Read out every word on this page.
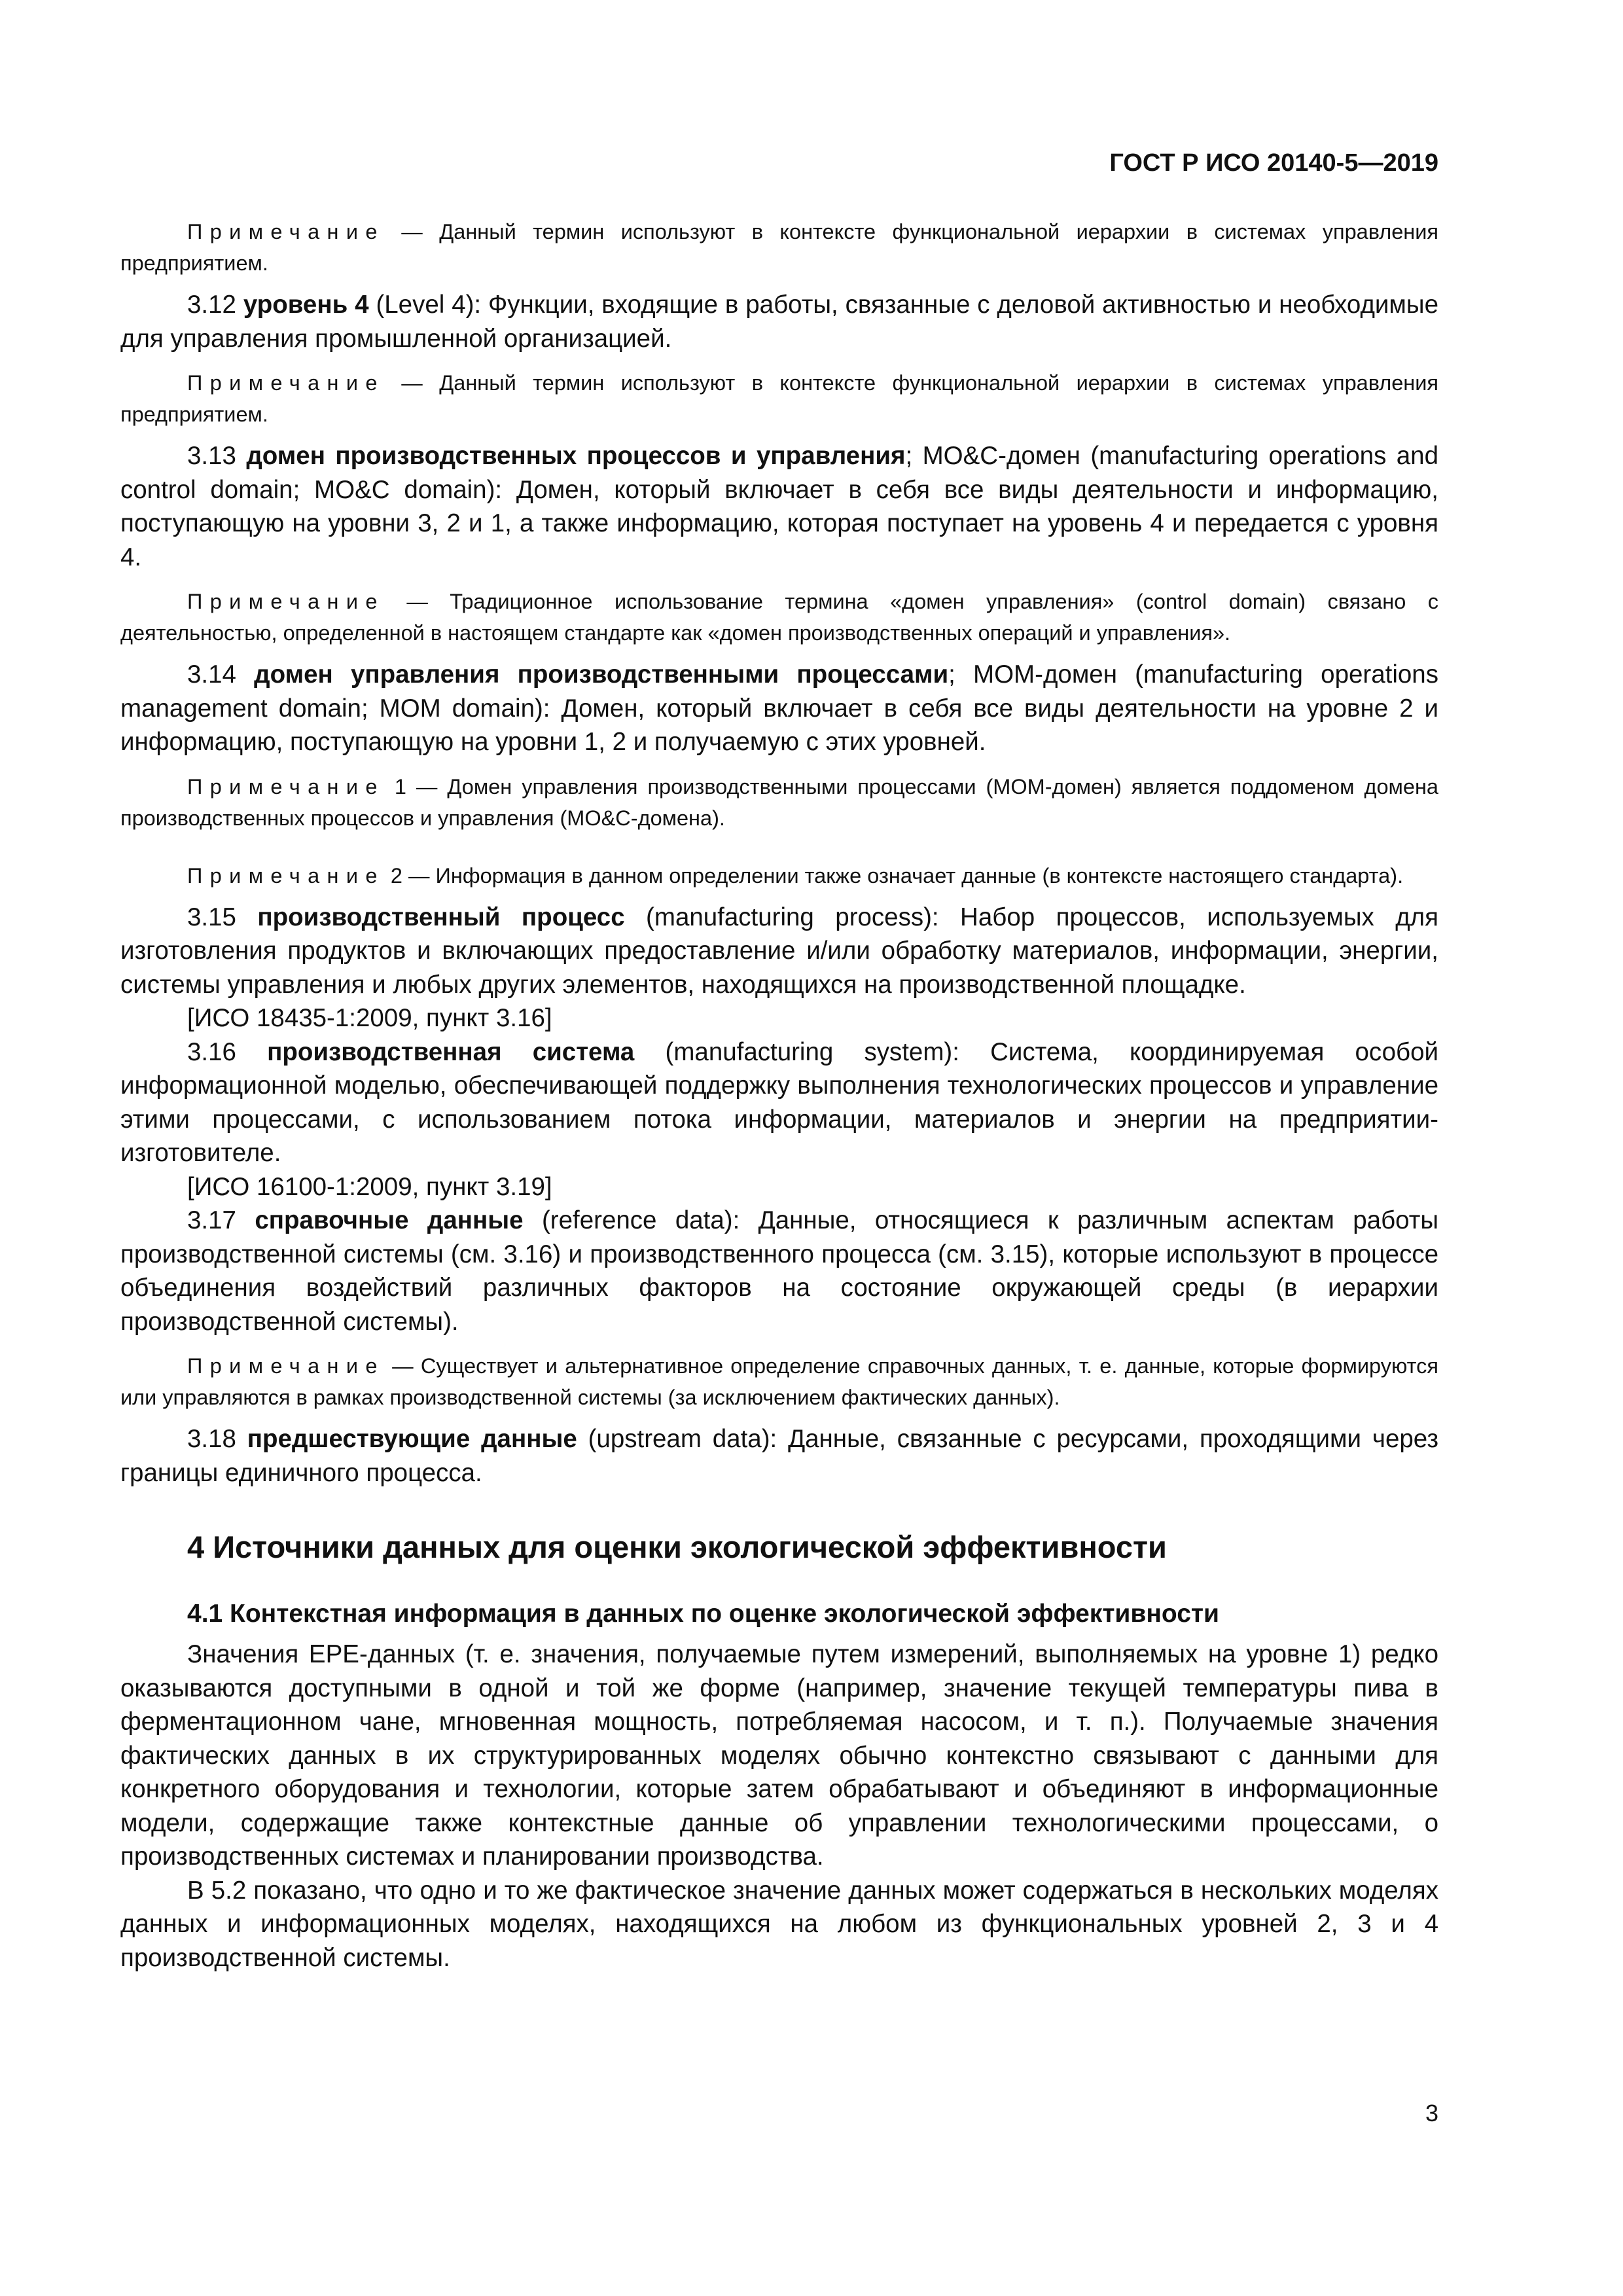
ГОСТ Р ИСО 20140-5—2019

Примечание — Данный термин используют в контексте функциональной иерархии в системах управления предприятием.

3.12 уровень 4 (Level 4): Функции, входящие в работы, связанные с деловой активностью и необходимые для управления промышленной организацией.

Примечание — Данный термин используют в контексте функциональной иерархии в системах управления предприятием.

3.13 домен производственных процессов и управления; MO&C-домен (manufacturing operations and control domain; MO&C domain): Домен, который включает в себя все виды деятельности и информацию, поступающую на уровни 3, 2 и 1, а также информацию, которая поступает на уровень 4 и передается с уровня 4.

Примечание — Традиционное использование термина «домен управления» (control domain) связано с деятельностью, определенной в настоящем стандарте как «домен производственных операций и управления».

3.14 домен управления производственными процессами; MOM-домен (manufacturing operations management domain; MOM domain): Домен, который включает в себя все виды деятельности на уровне 2 и информацию, поступающую на уровни 1, 2 и получаемую с этих уровней.

Примечание 1 — Домен управления производственными процессами (MOM-домен) является поддоменом домена производственных процессов и управления (MO&C-домена).

Примечание 2 — Информация в данном определении также означает данные (в контексте настоящего стандарта).

3.15 производственный процесс (manufacturing process): Набор процессов, используемых для изготовления продуктов и включающих предоставление и/или обработку материалов, информации, энергии, системы управления и любых других элементов, находящихся на производственной площадке.

[ИСО 18435-1:2009, пункт 3.16]

3.16 производственная система (manufacturing system): Система, координируемая особой информационной моделью, обеспечивающей поддержку выполнения технологических процессов и управление этими процессами, с использованием потока информации, материалов и энергии на предприятии-изготовителе.

[ИСО 16100-1:2009, пункт 3.19]

3.17 справочные данные (reference data): Данные, относящиеся к различным аспектам работы производственной системы (см. 3.16) и производственного процесса (см. 3.15), которые используют в процессе объединения воздействий различных факторов на состояние окружающей среды (в иерархии производственной системы).

Примечание — Существует и альтернативное определение справочных данных, т. е. данные, которые формируются или управляются в рамках производственной системы (за исключением фактических данных).

3.18 предшествующие данные (upstream data): Данные, связанные с ресурсами, проходящими через границы единичного процесса.

4 Источники данных для оценки экологической эффективности
4.1 Контекстная информация в данных по оценке экологической эффективности

Значения EPE-данных (т. е. значения, получаемые путем измерений, выполняемых на уровне 1) редко оказываются доступными в одной и той же форме (например, значение текущей температуры пива в ферментационном чане, мгновенная мощность, потребляемая насосом, и т. п.). Получаемые значения фактических данных в их структурированных моделях обычно контекстно связывают с данными для конкретного оборудования и технологии, которые затем обрабатывают и объединяют в информационные модели, содержащие также контекстные данные об управлении технологическими процессами, о производственных системах и планировании производства.

В 5.2 показано, что одно и то же фактическое значение данных может содержаться в нескольких моделях данных и информационных моделях, находящихся на любом из функциональных уровней 2, 3 и 4 производственной системы.

3
